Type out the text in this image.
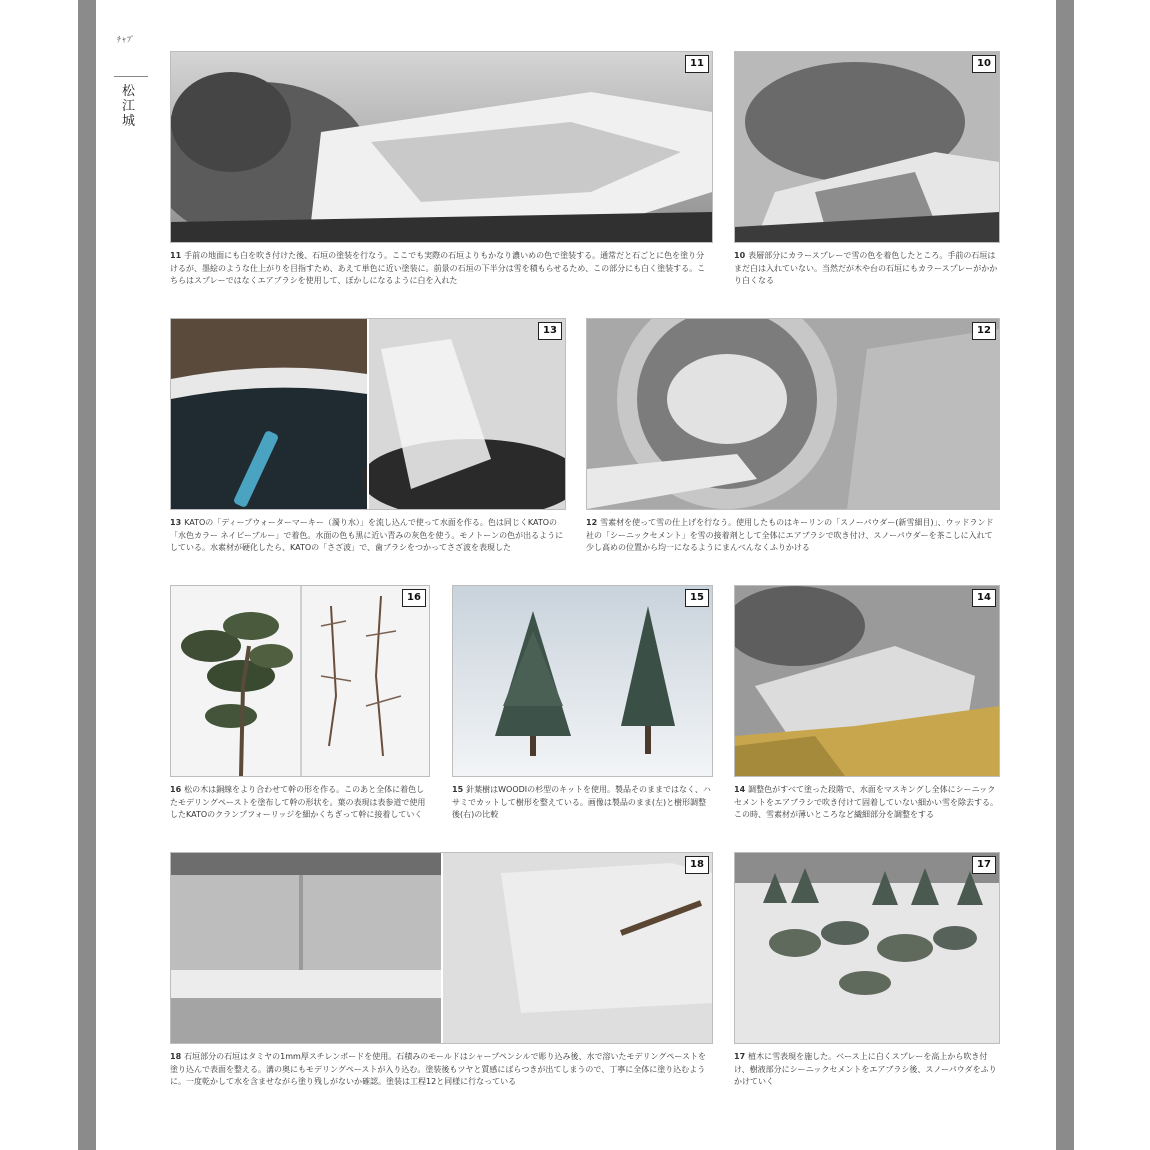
ﾁｬﾌﾟ
松江城
11	10
11 手前の地面にも白を吹き付けた後、石垣の塗装を行なう。ここでも実際の石垣よりもかなり濃いめの色で塗装する。通常だと石ごとに色を塗り分けるが、墨絵のような仕上がりを目指すため、あえて単色に近い塗装に。前景の石垣の下半分は雪を積もらせるため、この部分にも白く塗装する。こちらはスプレーではなくエアブラシを使用して、ぼかしになるように白を入れた
10 表層部分にカラースプレーで雪の色を着色したところ。手前の石垣はまだ白は入れていない。当然だが木や台の石垣にもカラースプレーがかかり白くなる
13	12
13 KATOの「ディープウォーターマーキー（濁り水）」を流し込んで使って水面を作る。色は同じくKATOの「水色カラー ネイビーブルー」で着色。水面の色も黒に近い青みの灰色を使う。モノトーンの色が出るようにしている。水素材が硬化したら、KATOの「さざ波」で、歯ブラシをつかってさざ波を表現した
12 雪素材を使って雪の仕上げを行なう。使用したものはキーリンの「スノーパウダー(新雪細目)」、ウッドランド社の「シーニックセメント」を雪の接着剤として全体にエアブラシで吹き付け、スノーパウダーを茶こしに入れて少し高めの位置から均一になるようにまんべんなくふりかける
16	15	14
16 松の木は銅線をより合わせて幹の形を作る。このあと全体に着色したモデリングペーストを塗布して幹の形状を。葉の表現は表参道で使用したKATOのクランプフォーリッジを細かくちぎって幹に接着していく
15 針葉樹はWOODIの杉型のキットを使用。製品そのままではなく、ハサミでカットして樹形を整えている。画像は製品のまま(左)と樹形調整後(右)の比較
14 調整色がすべて塗った段階で、水面をマスキングし全体にシーニックセメントをエアブラシで吹き付けて固着していない細かい雪を除去する。この時、雪素材が薄いところなど繊細部分を調整をする
18	17
18 石垣部分の石垣はタミヤの1mm厚スチレンボードを使用。石積みのモールドはシャープペンシルで彫り込み後、水で溶いたモデリングペーストを塗り込んで表面を整える。溝の奥にもモデリングペーストが入り込む。塗装後もツヤと質感にばらつきが出てしまうので、丁寧に全体に塗り込むように。一度乾かして水を含ませながら塗り残しがないか確認。塗装は工程12と同様に行なっている
17 植木に雪表現を施した。ベース上に白くスプレーを高上から吹き付け、樹液部分にシーニックセメントをエアブラシ後、スノーパウダをふりかけていく
